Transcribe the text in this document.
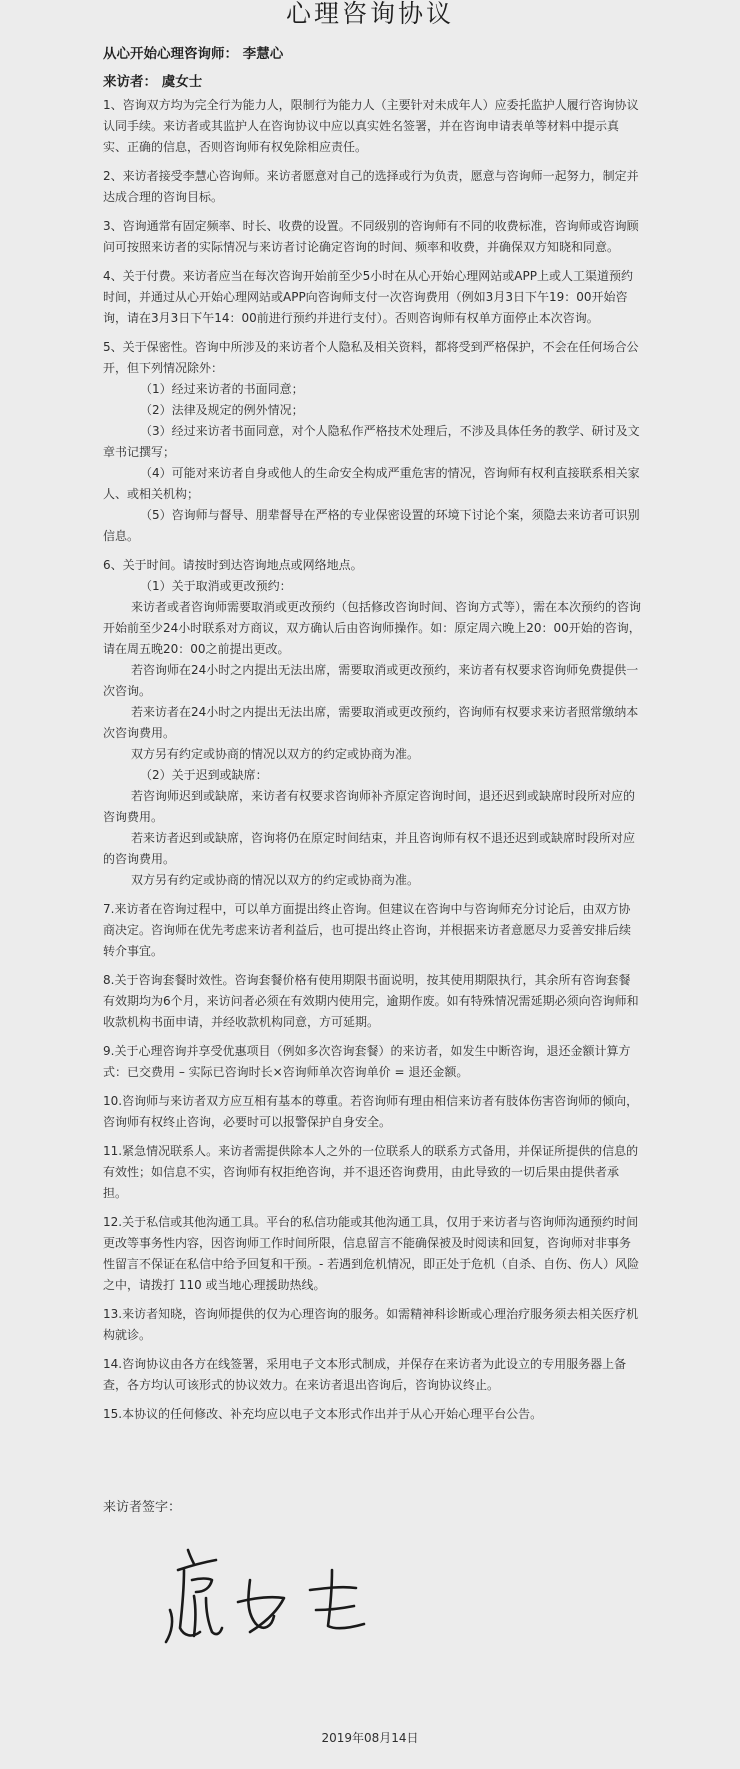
心理咨询协议
从心开始心理咨询师： 李慧心
来访者： 虞女士

1、咨询双方均为完全行为能力人，限制行为能力人（主要针对未成年人）应委托监护人履行咨询协议认同手续。来访者或其监护人在咨询协议中应以真实姓名签署，并在咨询申请表单等材料中提示真实、正确的信息，否则咨询师有权免除相应责任。

2、来访者接受李慧心咨询师。来访者愿意对自己的选择或行为负责，愿意与咨询师一起努力，制定并达成合理的咨询目标。

3、咨询通常有固定频率、时长、收费的设置。不同级别的咨询师有不同的收费标准，咨询师或咨询顾问可按照来访者的实际情况与来访者讨论确定咨询的时间、频率和收费，并确保双方知晓和同意。

4、关于付费。来访者应当在每次咨询开始前至少5小时在从心开始心理网站或APP上或人工渠道预约时间，并通过从心开始心理网站或APP向咨询师支付一次咨询费用（例如3月3日下午19：00开始咨询，请在3月3日下午14：00前进行预约并进行支付）。否则咨询师有权单方面停止本次咨询。

5、关于保密性。咨询中所涉及的来访者个人隐私及相关资料，都将受到严格保护，不会在任何场合公开，但下列情况除外：

（1）经过来访者的书面同意；

（2）法律及规定的例外情况；

（3）经过来访者书面同意，对个人隐私作严格技术处理后，不涉及具体任务的教学、研讨及文章书记撰写；

（4）可能对来访者自身或他人的生命安全构成严重危害的情况，咨询师有权利直接联系相关家人、或相关机构；

（5）咨询师与督导、朋辈督导在严格的专业保密设置的环境下讨论个案，须隐去来访者可识别信息。

6、关于时间。请按时到达咨询地点或网络地点。

（1）关于取消或更改预约：

来访者或者咨询师需要取消或更改预约（包括修改咨询时间、咨询方式等），需在本次预约的咨询开始前至少24小时联系对方商议，双方确认后由咨询师操作。如：原定周六晚上20：00开始的咨询，请在周五晚20：00之前提出更改。

若咨询师在24小时之内提出无法出席，需要取消或更改预约，来访者有权要求咨询师免费提供一次咨询。

若来访者在24小时之内提出无法出席，需要取消或更改预约，咨询师有权要求来访者照常缴纳本次咨询费用。

双方另有约定或协商的情况以双方的约定或协商为准。

（2）关于迟到或缺席：

若咨询师迟到或缺席，来访者有权要求咨询师补齐原定咨询时间，退还迟到或缺席时段所对应的咨询费用。

若来访者迟到或缺席，咨询将仍在原定时间结束，并且咨询师有权不退还迟到或缺席时段所对应的咨询费用。

双方另有约定或协商的情况以双方的约定或协商为准。

7.来访者在咨询过程中，可以单方面提出终止咨询。但建议在咨询中与咨询师充分讨论后，由双方协商决定。咨询师在优先考虑来访者利益后，也可提出终止咨询，并根据来访者意愿尽力妥善安排后续转介事宜。

8.关于咨询套餐时效性。咨询套餐价格有使用期限书面说明，按其使用期限执行，其余所有咨询套餐有效期均为6个月，来访问者必须在有效期内使用完，逾期作废。如有特殊情况需延期必须向咨询师和收款机构书面申请，并经收款机构同意，方可延期。

9.关于心理咨询并享受优惠项目（例如多次咨询套餐）的来访者，如发生中断咨询，退还金额计算方式：已交费用 – 实际已咨询时长×咨询师单次咨询单价 = 退还金额。

10.咨询师与来访者双方应互相有基本的尊重。若咨询师有理由相信来访者有肢体伤害咨询师的倾向，咨询师有权终止咨询，必要时可以报警保护自身安全。

11.紧急情况联系人。来访者需提供除本人之外的一位联系人的联系方式备用，并保证所提供的信息的有效性；如信息不实，咨询师有权拒绝咨询，并不退还咨询费用，由此导致的一切后果由提供者承担。

12.关于私信或其他沟通工具。平台的私信功能或其他沟通工具，仅用于来访者与咨询师沟通预约时间更改等事务性内容，因咨询师工作时间所限，信息留言不能确保被及时阅读和回复，咨询师对非事务性留言不保证在私信中给予回复和干预。- 若遇到危机情况，即正处于危机（自杀、自伤、伤人）风险之中，请拨打 110 或当地心理援助热线。

13.来访者知晓，咨询师提供的仅为心理咨询的服务。如需精神科诊断或心理治疗服务须去相关医疗机构就诊。

14.咨询协议由各方在线签署，采用电子文本形式制成，并保存在来访者为此设立的专用服务器上备查，各方均认可该形式的协议效力。在来访者退出咨询后，咨询协议终止。

15.本协议的任何修改、补充均应以电子文本形式作出并于从心开始心理平台公告。

来访者签字：
2019年08月14日
